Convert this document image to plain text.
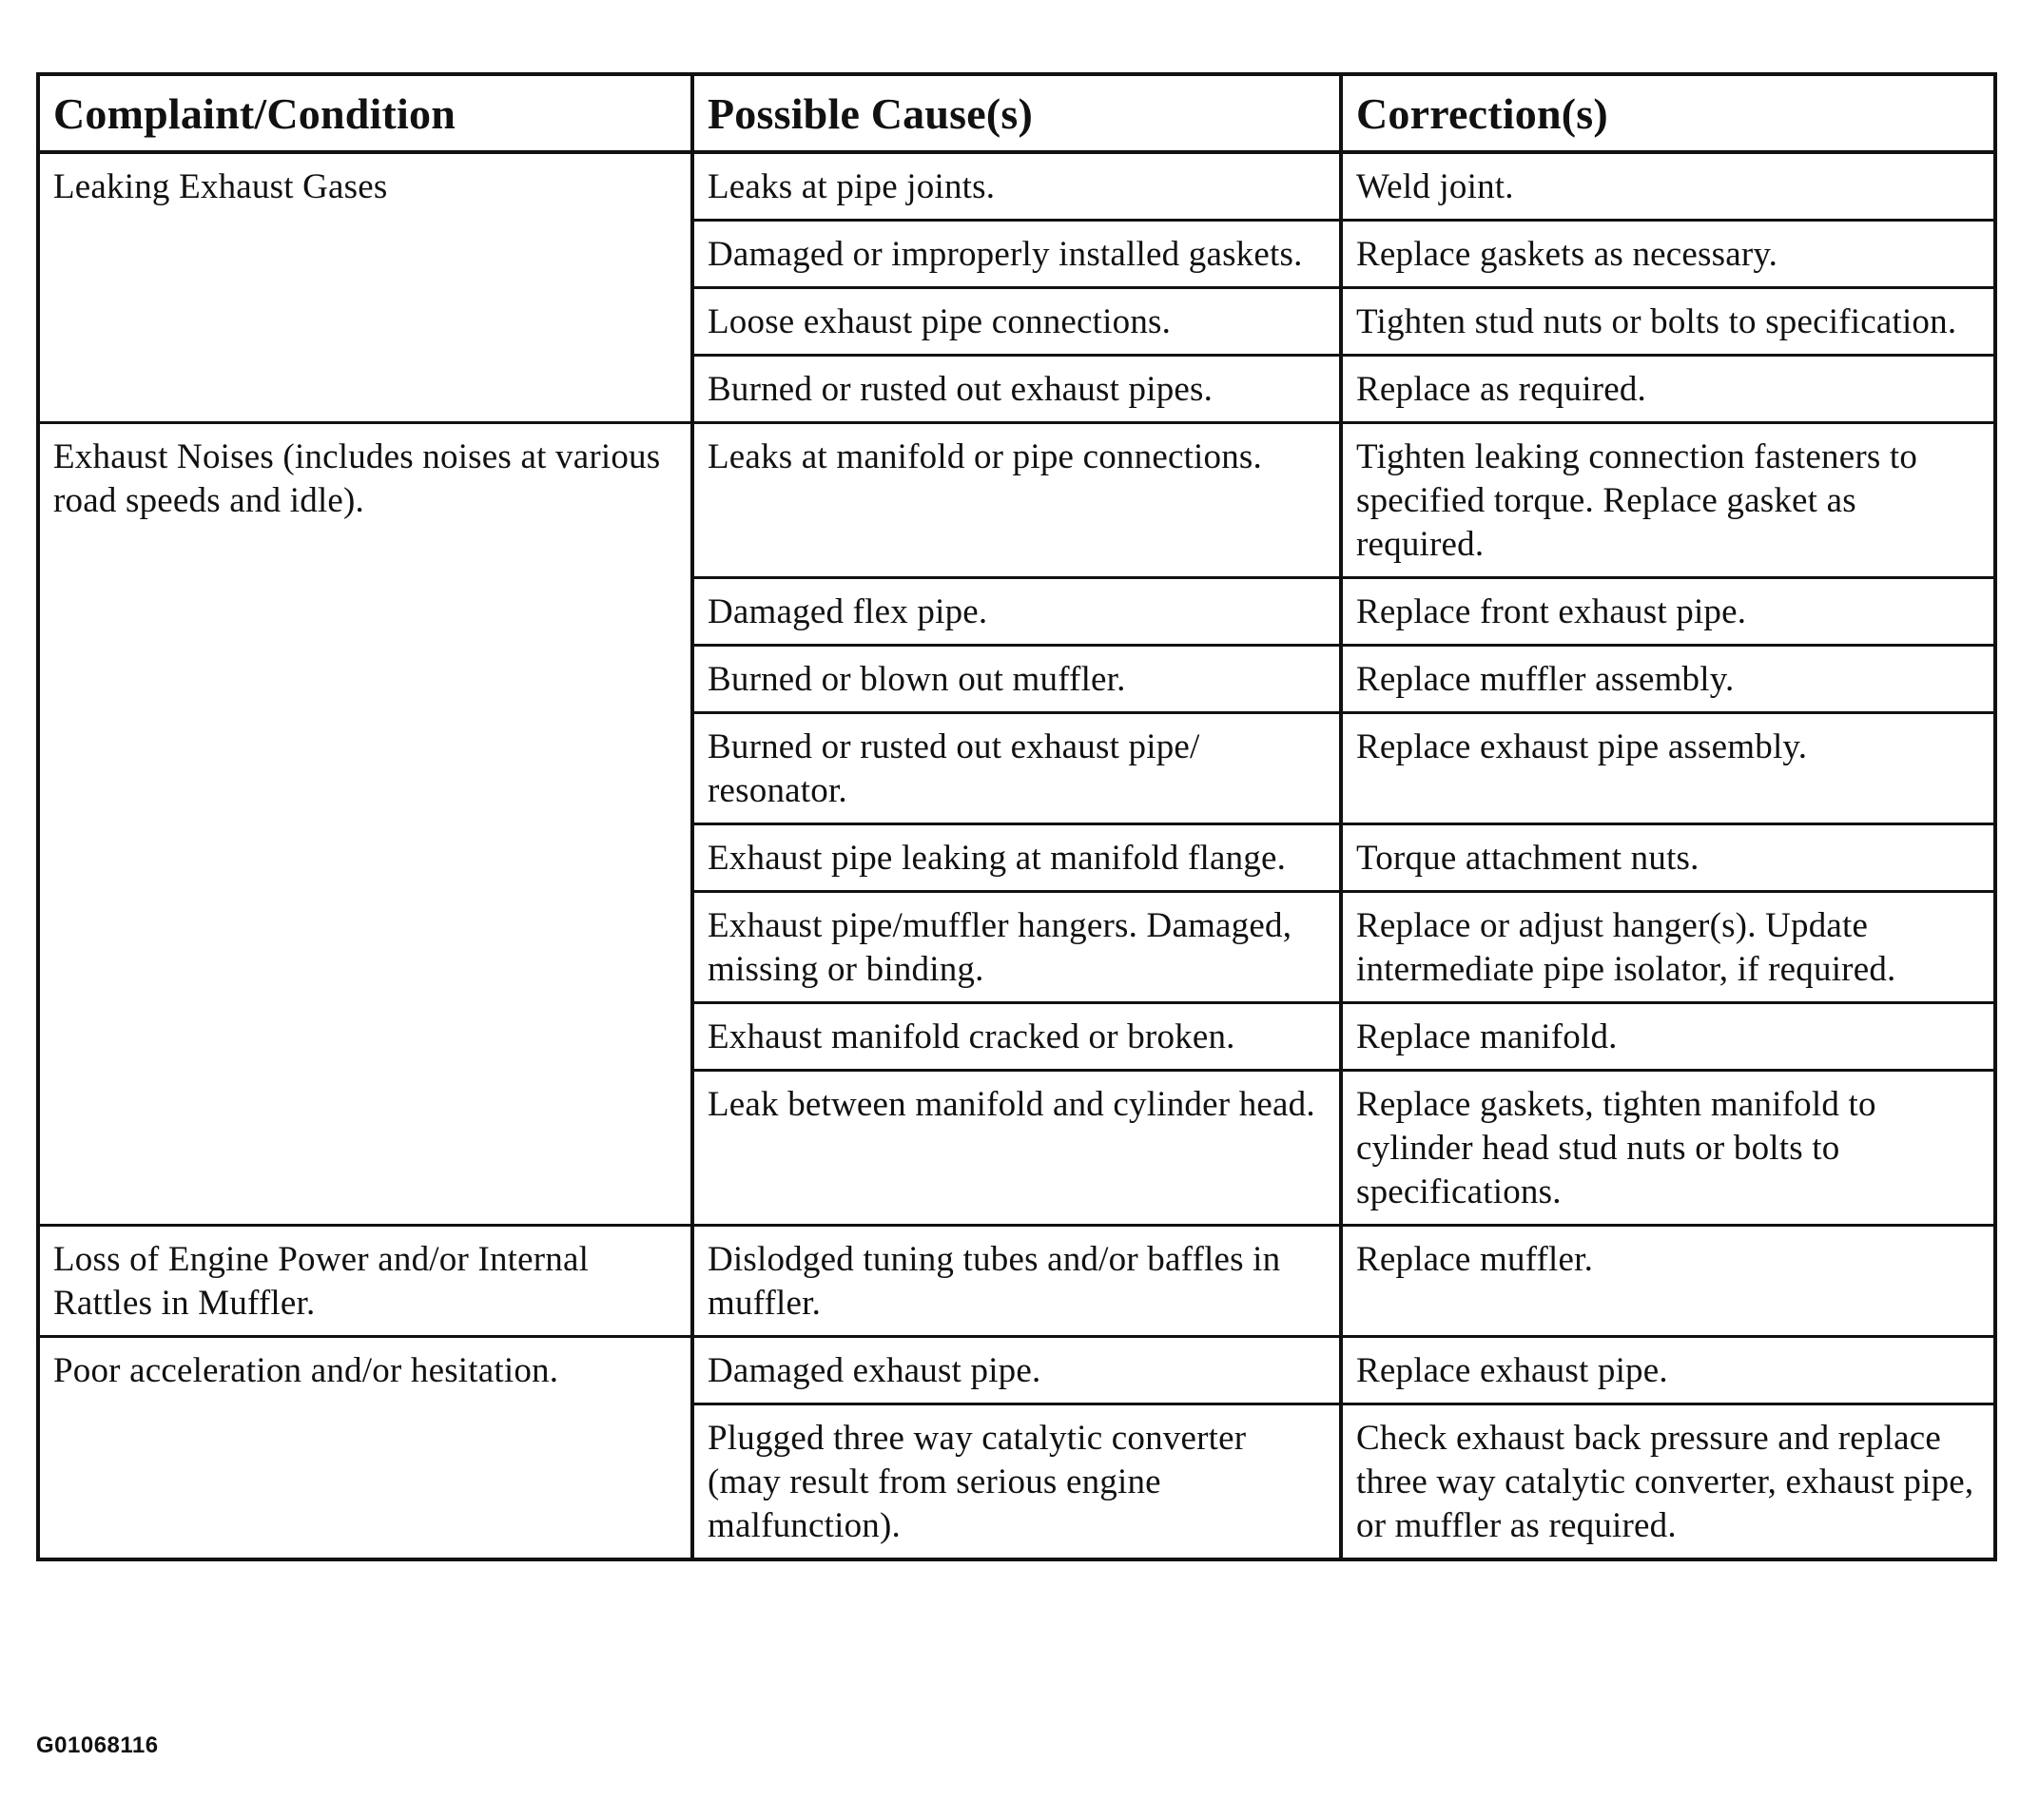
Complaint/Condition	Possible Cause(s)	Correction(s)
Leaking Exhaust Gases	Leaks at pipe joints.	Weld joint.
	Damaged or improperly installed gaskets.	Replace gaskets as necessary.
	Loose exhaust pipe connections.	Tighten stud nuts or bolts to specification.
	Burned or rusted out exhaust pipes.	Replace as required.
Exhaust Noises (includes noises at various road speeds and idle).	Leaks at manifold or pipe connections.	Tighten leaking connection fasteners to specified torque. Replace gasket as required.
	Damaged flex pipe.	Replace front exhaust pipe.
	Burned or blown out muffler.	Replace muffler assembly.
	Burned or rusted out exhaust pipe/ resonator.	Replace exhaust pipe assembly.
	Exhaust pipe leaking at manifold flange.	Torque attachment nuts.
	Exhaust pipe/muffler hangers. Damaged, missing or binding.	Replace or adjust hanger(s). Update intermediate pipe isolator, if required.
	Exhaust manifold cracked or broken.	Replace manifold.
	Leak between manifold and cylinder head.	Replace gaskets, tighten manifold to cylinder head stud nuts or bolts to specifications.
Loss of Engine Power and/or Internal Rattles in Muffler.	Dislodged tuning tubes and/or baffles in muffler.	Replace muffler.
Poor acceleration and/or hesitation.	Damaged exhaust pipe.	Replace exhaust pipe.
	Plugged three way catalytic converter (may result from serious engine malfunction).	Check exhaust back pressure and replace three way catalytic converter, exhaust pipe, or muffler as required.
G01068116
